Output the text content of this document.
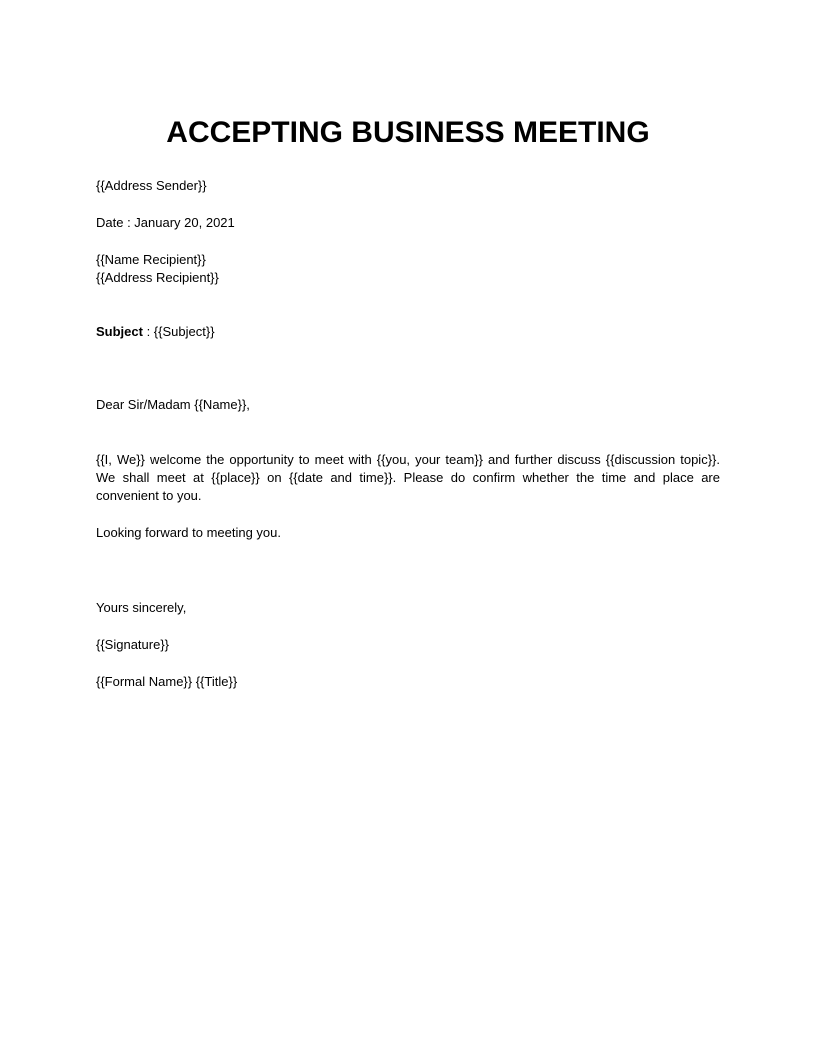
ACCEPTING BUSINESS MEETING
{{Address Sender}}
Date : January 20, 2021
{{Name Recipient}}
{{Address Recipient}}
Subject : {{Subject}}
Dear Sir/Madam {{Name}},
{{I, We}} welcome the opportunity to meet with {{you, your team}} and further discuss {{discussion topic}}. We shall meet at {{place}} on {{date and time}}. Please do confirm whether the time and place are convenient to you.
Looking forward to meeting you.
Yours sincerely,
{{Signature}}
{{Formal Name}} {{Title}}
